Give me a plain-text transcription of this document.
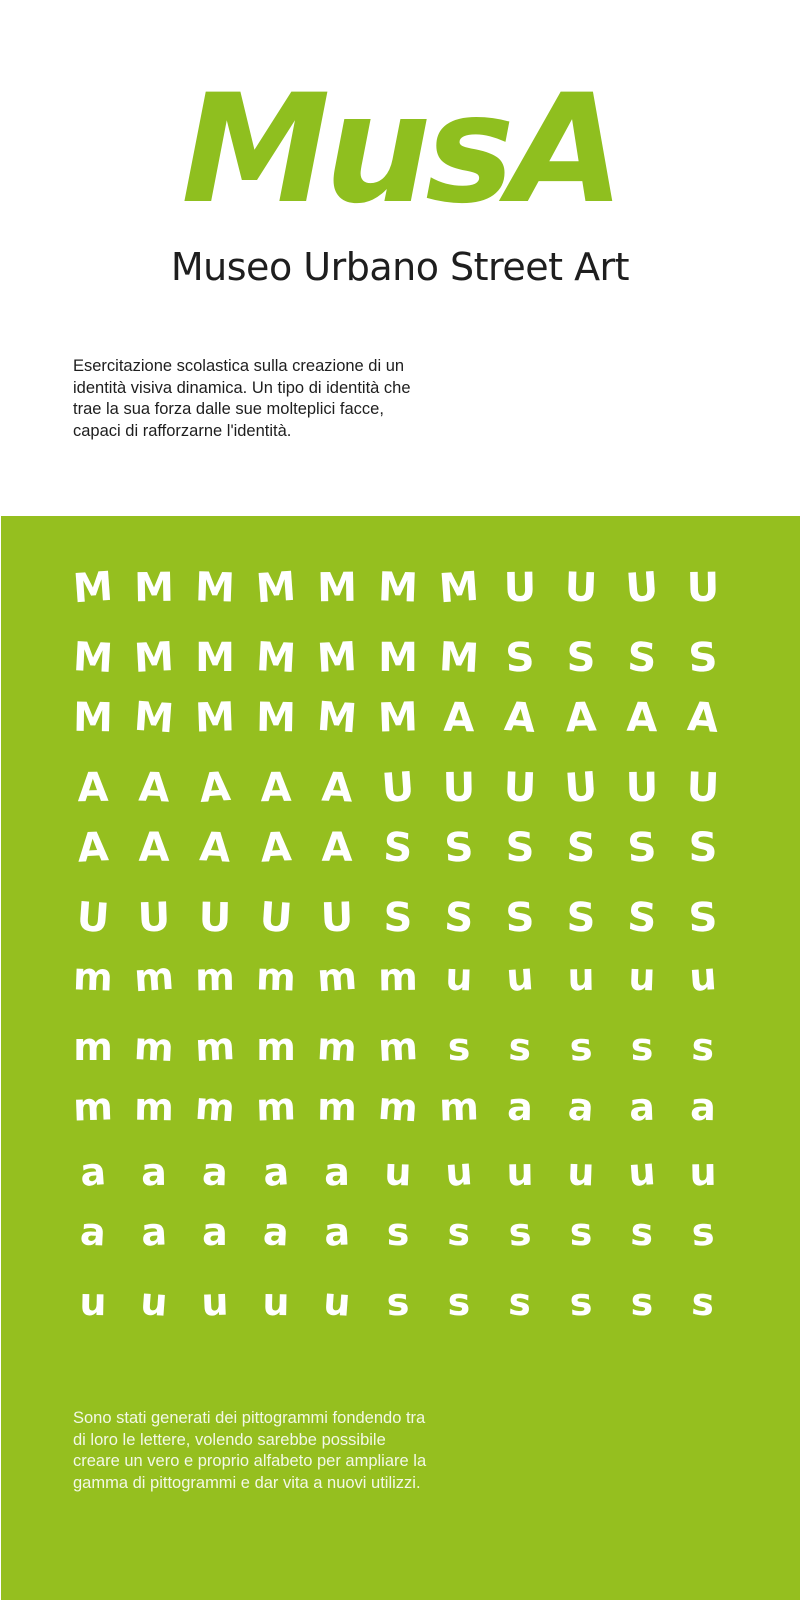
MusA
Museo Urbano Street Art
Esercitazione scolastica sulla creazione di un identità visiva dinamica. Un tipo di identità che trae la sua forza dalle sue molteplici facce, capaci di rafforzarne l'identità.
M M M M M M M U U U U
M M M M M M M S S S S
M M M M M M A A A A A
A A A A A U U U U U U
A A A A A S S S S S S
U U U U U S S S S S S
m m m m m m u u u u u
m m m m m m s s s s s
m m m m m m m a a a a
a a a a a u u u u u u
a a a a a s s s s s s
u u u u u s s s s s s
Sono stati generati dei pittogrammi fondendo tra di loro le lettere, volendo sarebbe possibile creare un vero e proprio alfabeto per ampliare la gamma di pittogrammi e dar vita a nuovi utilizzi.
